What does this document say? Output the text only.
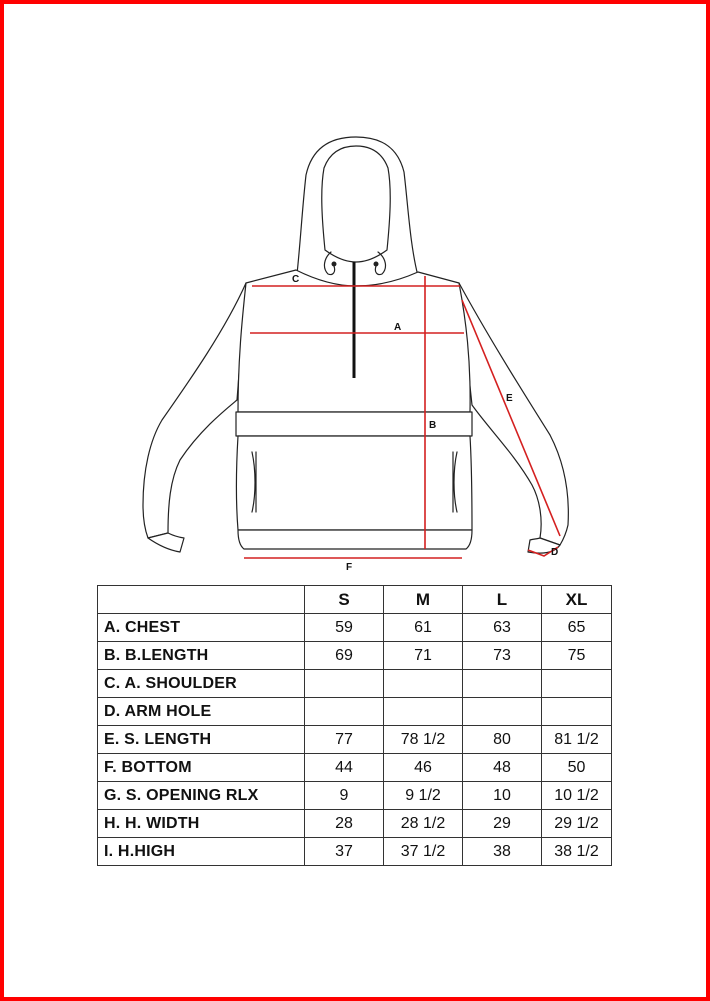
C
A
B
E
D
F
	S	M	L	XL
A. CHEST	59	61	63	65
B. B.LENGTH	69	71	73	75
C. A. SHOULDER				
D. ARM HOLE				
E. S. LENGTH	77	78 1/2	80	81 1/2
F. BOTTOM	44	46	48	50
G. S. OPENING RLX	9	9 1/2	10	10 1/2
H. H. WIDTH	28	28 1/2	29	29 1/2
I. H.HIGH	37	37 1/2	38	38 1/2
